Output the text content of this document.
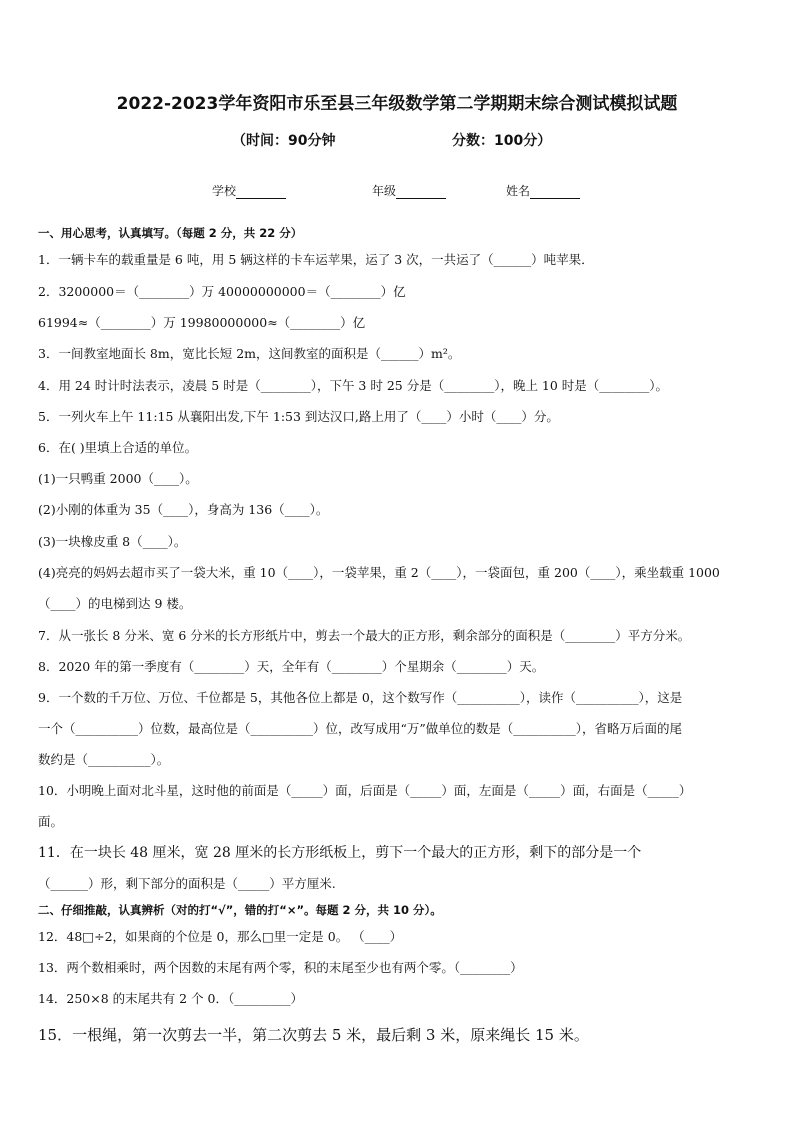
2022-2023学年资阳市乐至县三年级数学第二学期期末综合测试模拟试题
（时间：90分钟	分数：100分）
学校	年级	姓名
一、用心思考，认真填写。（每题 2 分，共 22 分）
1．一辆卡车的载重量是 6 吨，用 5 辆这样的卡车运苹果，运了 3 次，一共运了（______）吨苹果．
2．3200000＝（________）万 40000000000＝（________）亿
61994≈（________）万 19980000000≈（________）亿
3．一间教室地面长 8m，宽比长短 2m，这间教室的面积是（______）m²。
4．用 24 时计时法表示，凌晨 5 时是（________），下午 3 时 25 分是（________），晚上 10 时是（________）。
5．一列火车上午 11:15 从襄阳出发,下午 1:53 到达汉口,路上用了（____）小时（____）分。
6．在( )里填上合适的单位。
(1)一只鸭重 2000（____）。
(2)小刚的体重为 35（____），身高为 136（____）。
(3)一块橡皮重 8（____）。
(4)亮亮的妈妈去超市买了一袋大米，重 10（____），一袋苹果，重 2（____），一袋面包，重 200（____），乘坐载重 1000
（____）的电梯到达 9 楼。
7．从一张长 8 分米、宽 6 分米的长方形纸片中，剪去一个最大的正方形，剩余部分的面积是（________）平方分米。
8．2020 年的第一季度有（________）天，全年有（________）个星期余（________）天。
9．一个数的千万位、万位、千位都是 5，其他各位上都是 0，这个数写作（__________），读作（__________），这是
一个（__________）位数，最高位是（__________）位，改写成用“万”做单位的数是（__________），省略万后面的尾
数约是（__________）。
10．小明晚上面对北斗星，这时他的前面是（_____）面，后面是（_____）面，左面是（_____）面，右面是（_____）
面。
11．在一块长 48 厘米，宽 28 厘米的长方形纸板上，剪下一个最大的正方形，剩下的部分是一个
（______）形，剩下部分的面积是（_____）平方厘米.
二、仔细推敲，认真辨析（对的打“√”，错的打“×”。每题 2 分，共 10 分）。
12．48□÷2，如果商的个位是 0，那么□里一定是 0。 （____）
13．两个数相乘时，两个因数的末尾有两个零，积的末尾至少也有两个零。（________）
14．250×8 的末尾共有 2 个 0．（_________）
15．一根绳，第一次剪去一半，第二次剪去 5 米，最后剩 3 米，原来绳长 15 米。
